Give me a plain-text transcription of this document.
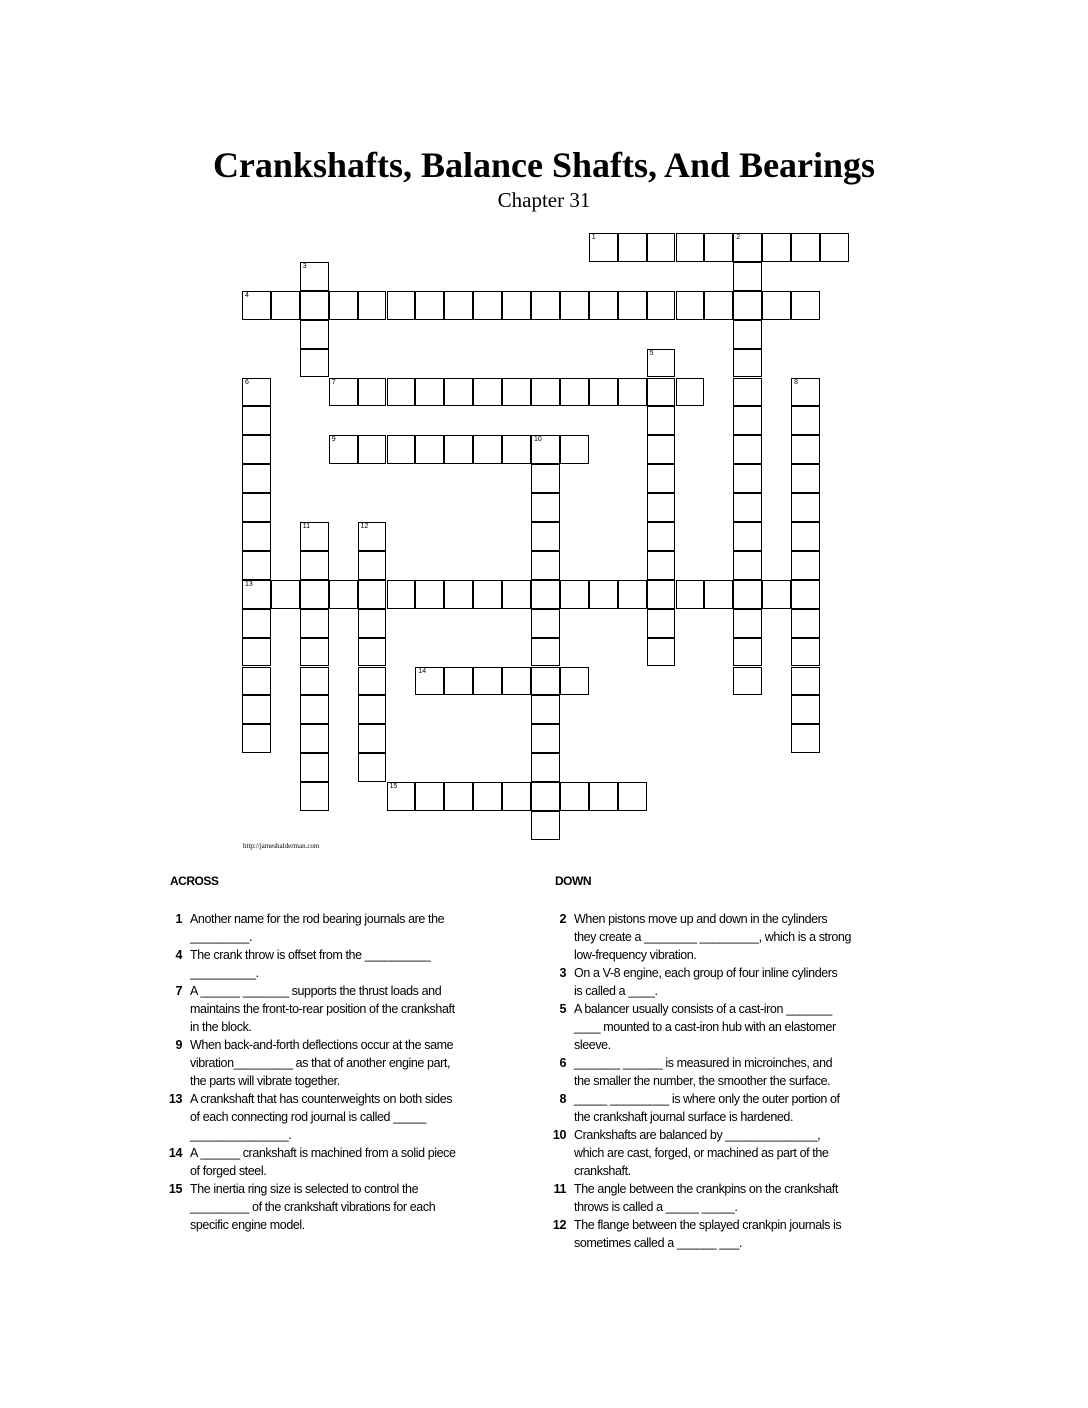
Crankshafts, Balance Shafts, And Bearings
Chapter 31
1	2
3
4
5
6
13
7	8
9	10
11	12
14
15
http://jameshalderman.com
ACROSS	DOWN
1 Another name for the rod bearing journals are the
_________.
4 The crank throw is offset from the __________
__________.
7 A ______ _______ supports the thrust loads and
maintains the front-to-rear position of the crankshaft
in the block.
9 When back-and-forth deflections occur at the same
vibration_________ as that of another engine part,
the parts will vibrate together.
13 A crankshaft that has counterweights on both sides
of each connecting rod journal is called _____
_______________.
14 A ______ crankshaft is machined from a solid piece
of forged steel.
15 The inertia ring size is selected to control the
_________ of the crankshaft vibrations for each
specific engine model.
2 When pistons move up and down in the cylinders
they create a ________ _________, which is a strong
low-frequency vibration.
3 On a V-8 engine, each group of four inline cylinders
is called a ____.
5 A balancer usually consists of a cast-iron _______
____ mounted to a cast-iron hub with an elastomer
sleeve.
6 _______ ______ is measured in microinches, and
the smaller the number, the smoother the surface.
8 _____ _________ is where only the outer portion of
the crankshaft journal surface is hardened.
10 Crankshafts are balanced by ______________,
which are cast, forged, or machined as part of the
crankshaft.
11 The angle between the crankpins on the crankshaft
throws is called a _____ _____.
12 The flange between the splayed crankpin journals is
sometimes called a ______ ___.
